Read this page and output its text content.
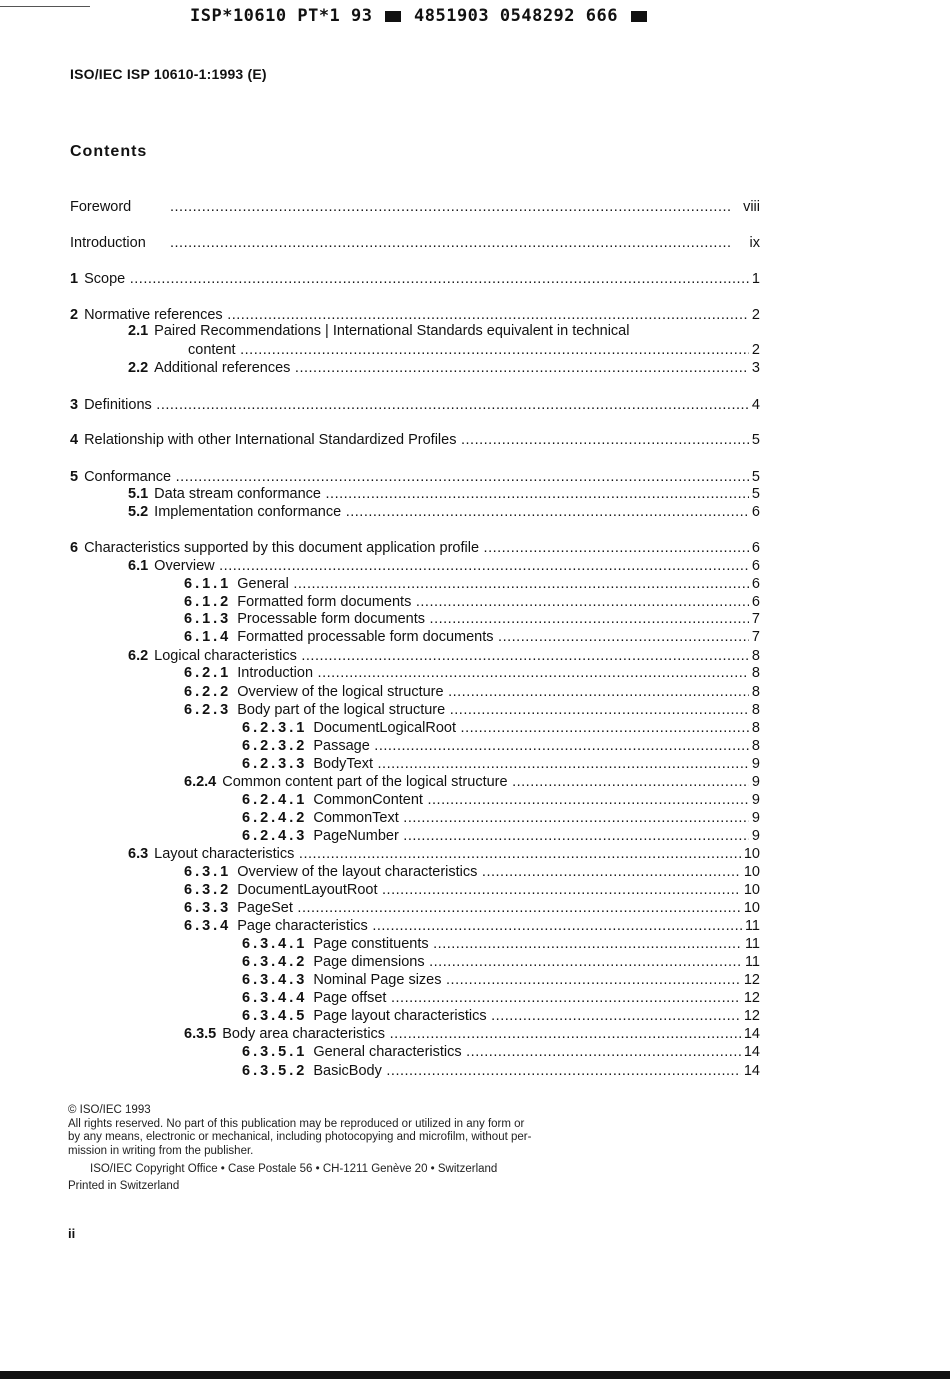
ISP*10610 PT*1 93 4851903 0548292 666
ISO/IEC ISP 10610-1:1993 (E)
Contents
Foreword .....	viii
Introduction .....	ix
1 Scope .....	1
2 Normative references .....	2
2.1 Paired Recommendations | International Standards equivalent in technical
content .....	2
2.2 Additional references .....	3
3 Definitions .....	4
4 Relationship with other International Standardized Profiles .....	5
5 Conformance .....	5
5.1 Data stream conformance .....	5
5.2 Implementation conformance .....	6
6 Characteristics supported by this document application profile .....	6
6.1 Overview .....	6
6.1.1 General .....	6
6.1.2 Formatted form documents .....	6
6.1.3 Processable form documents .....	7
6.1.4 Formatted processable form documents .....	7
6.2 Logical characteristics .....	8
6.2.1 Introduction .....	8
6.2.2 Overview of the logical structure .....	8
6.2.3 Body part of the logical structure .....	8
6.2.3.1 DocumentLogicalRoot .....	8
6.2.3.2 Passage .....	8
6.2.3.3 BodyText .....	9
6.2.4 Common content part of the logical structure .....	9
6.2.4.1 CommonContent .....	9
6.2.4.2 CommonText .....	9
6.2.4.3 PageNumber .....	9
6.3 Layout characteristics .....	10
6.3.1 Overview of the layout characteristics .....	10
6.3.2 DocumentLayoutRoot .....	10
6.3.3 PageSet .....	10
6.3.4 Page characteristics .....	11
6.3.4.1 Page constituents .....	11
6.3.4.2 Page dimensions .....	11
6.3.4.3 Nominal Page sizes .....	12
6.3.4.4 Page offset .....	12
6.3.4.5 Page layout characteristics .....	12
6.3.5 Body area characteristics .....	14
6.3.5.1 General characteristics .....	14
6.3.5.2 BasicBody .....	14
© ISO/IEC 1993
All rights reserved. No part of this publication may be reproduced or utilized in any form or
by any means, electronic or mechanical, including photocopying and microfilm, without per-
mission in writing from the publisher.
ISO/IEC Copyright Office • Case Postale 56 • CH-1211 Genève 20 • Switzerland
Printed in Switzerland
ii
